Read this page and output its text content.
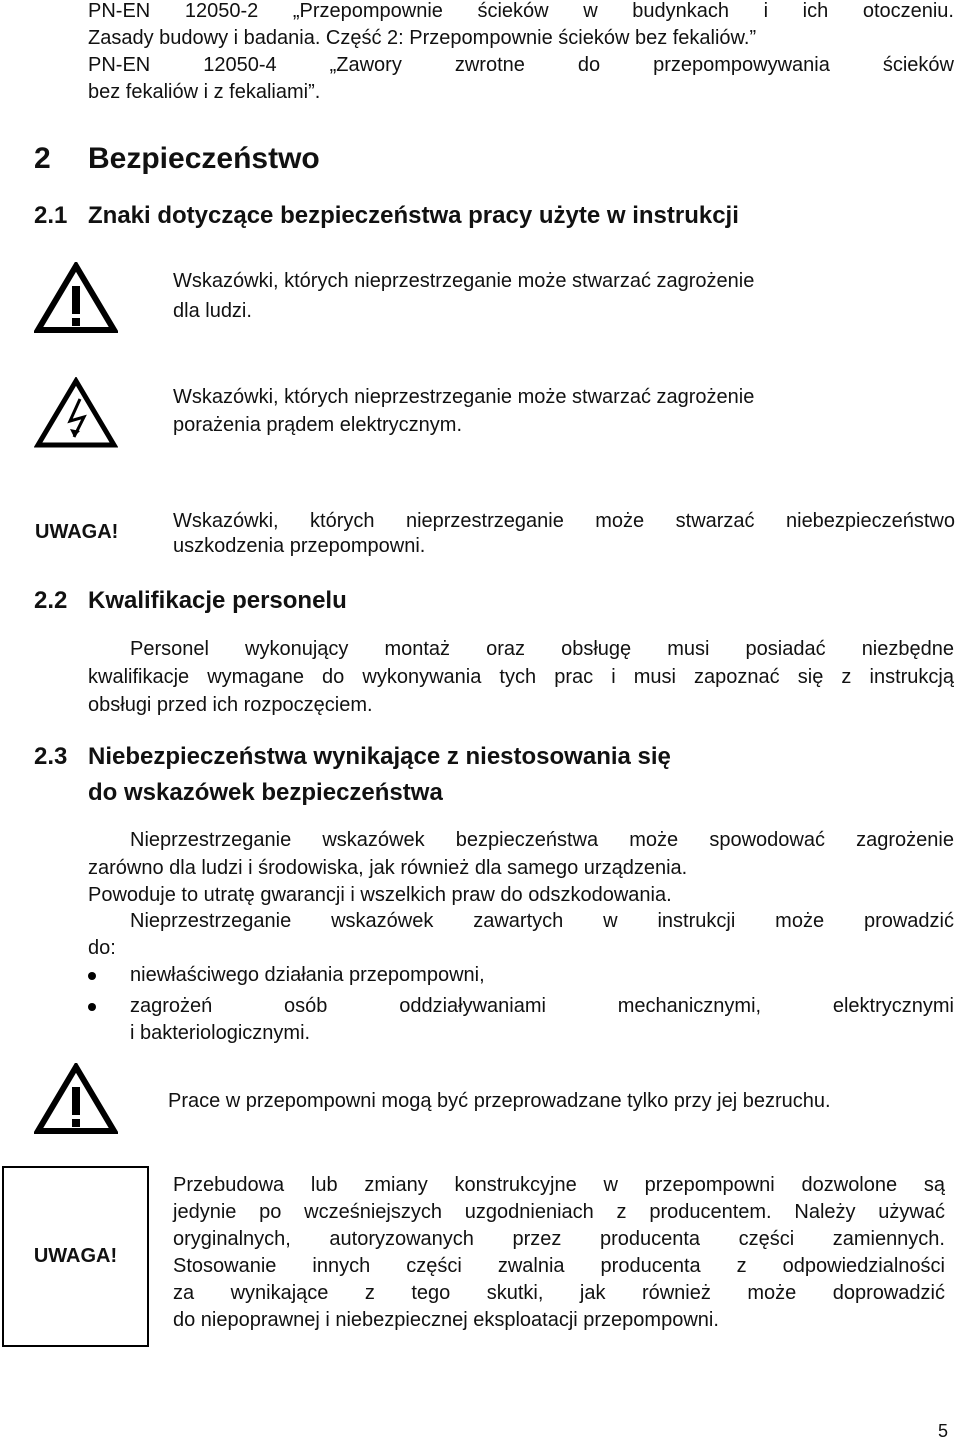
PN-EN 12050-2 „Przepompownie ścieków w budynkach i ich otoczeniu.
Zasady budowy i badania. Część 2: Przepompownie ścieków bez fekaliów.”
PN-EN 12050-4 „Zawory zwrotne do przepompowywania ścieków
bez fekaliów i z fekaliami”.
2 Bezpieczeństwo
2.1 Znaki dotyczące bezpieczeństwa pracy użyte w instrukcji
Wskazówki, których nieprzestrzeganie może stwarzać zagrożenie
dla ludzi.
Wskazówki, których nieprzestrzeganie może stwarzać zagrożenie
porażenia prądem elektrycznym.
UWAGA!	Wskazówki, których nieprzestrzeganie może stwarzać niebezpieczeństwo
uszkodzenia przepompowni.
2.2 Kwalifikacje personelu
Personel wykonujący montaż oraz obsługę musi posiadać niezbędne
kwalifikacje wymagane do wykonywania tych prac i musi zapoznać się z instrukcją
obsługi przed ich rozpoczęciem.
2.3 Niebezpieczeństwa wynikające z niestosowania się
do wskazówek bezpieczeństwa
Nieprzestrzeganie wskazówek bezpieczeństwa może spowodować zagrożenie
zarówno dla ludzi i środowiska, jak również dla samego urządzenia.
Powoduje to utratę gwarancji i wszelkich praw do odszkodowania.
Nieprzestrzeganie wskazówek zawartych w instrukcji może prowadzić
do:
niewłaściwego działania przepompowni,
zagrożeń osób oddziaływaniami mechanicznymi, elektrycznymi
i bakteriologicznymi.
Prace w przepompowni mogą być przeprowadzane tylko przy jej bezruchu.
UWAGA!
Przebudowa lub zmiany konstrukcyjne w przepompowni dozwolone są
jedynie po wcześniejszych uzgodnieniach z producentem. Należy używać
oryginalnych, autoryzowanych przez producenta części zamiennych.
Stosowanie innych części zwalnia producenta z odpowiedzialności
za wynikające z tego skutki, jak również może doprowadzić
do niepoprawnej i niebezpiecznej eksploatacji przepompowni.
5
